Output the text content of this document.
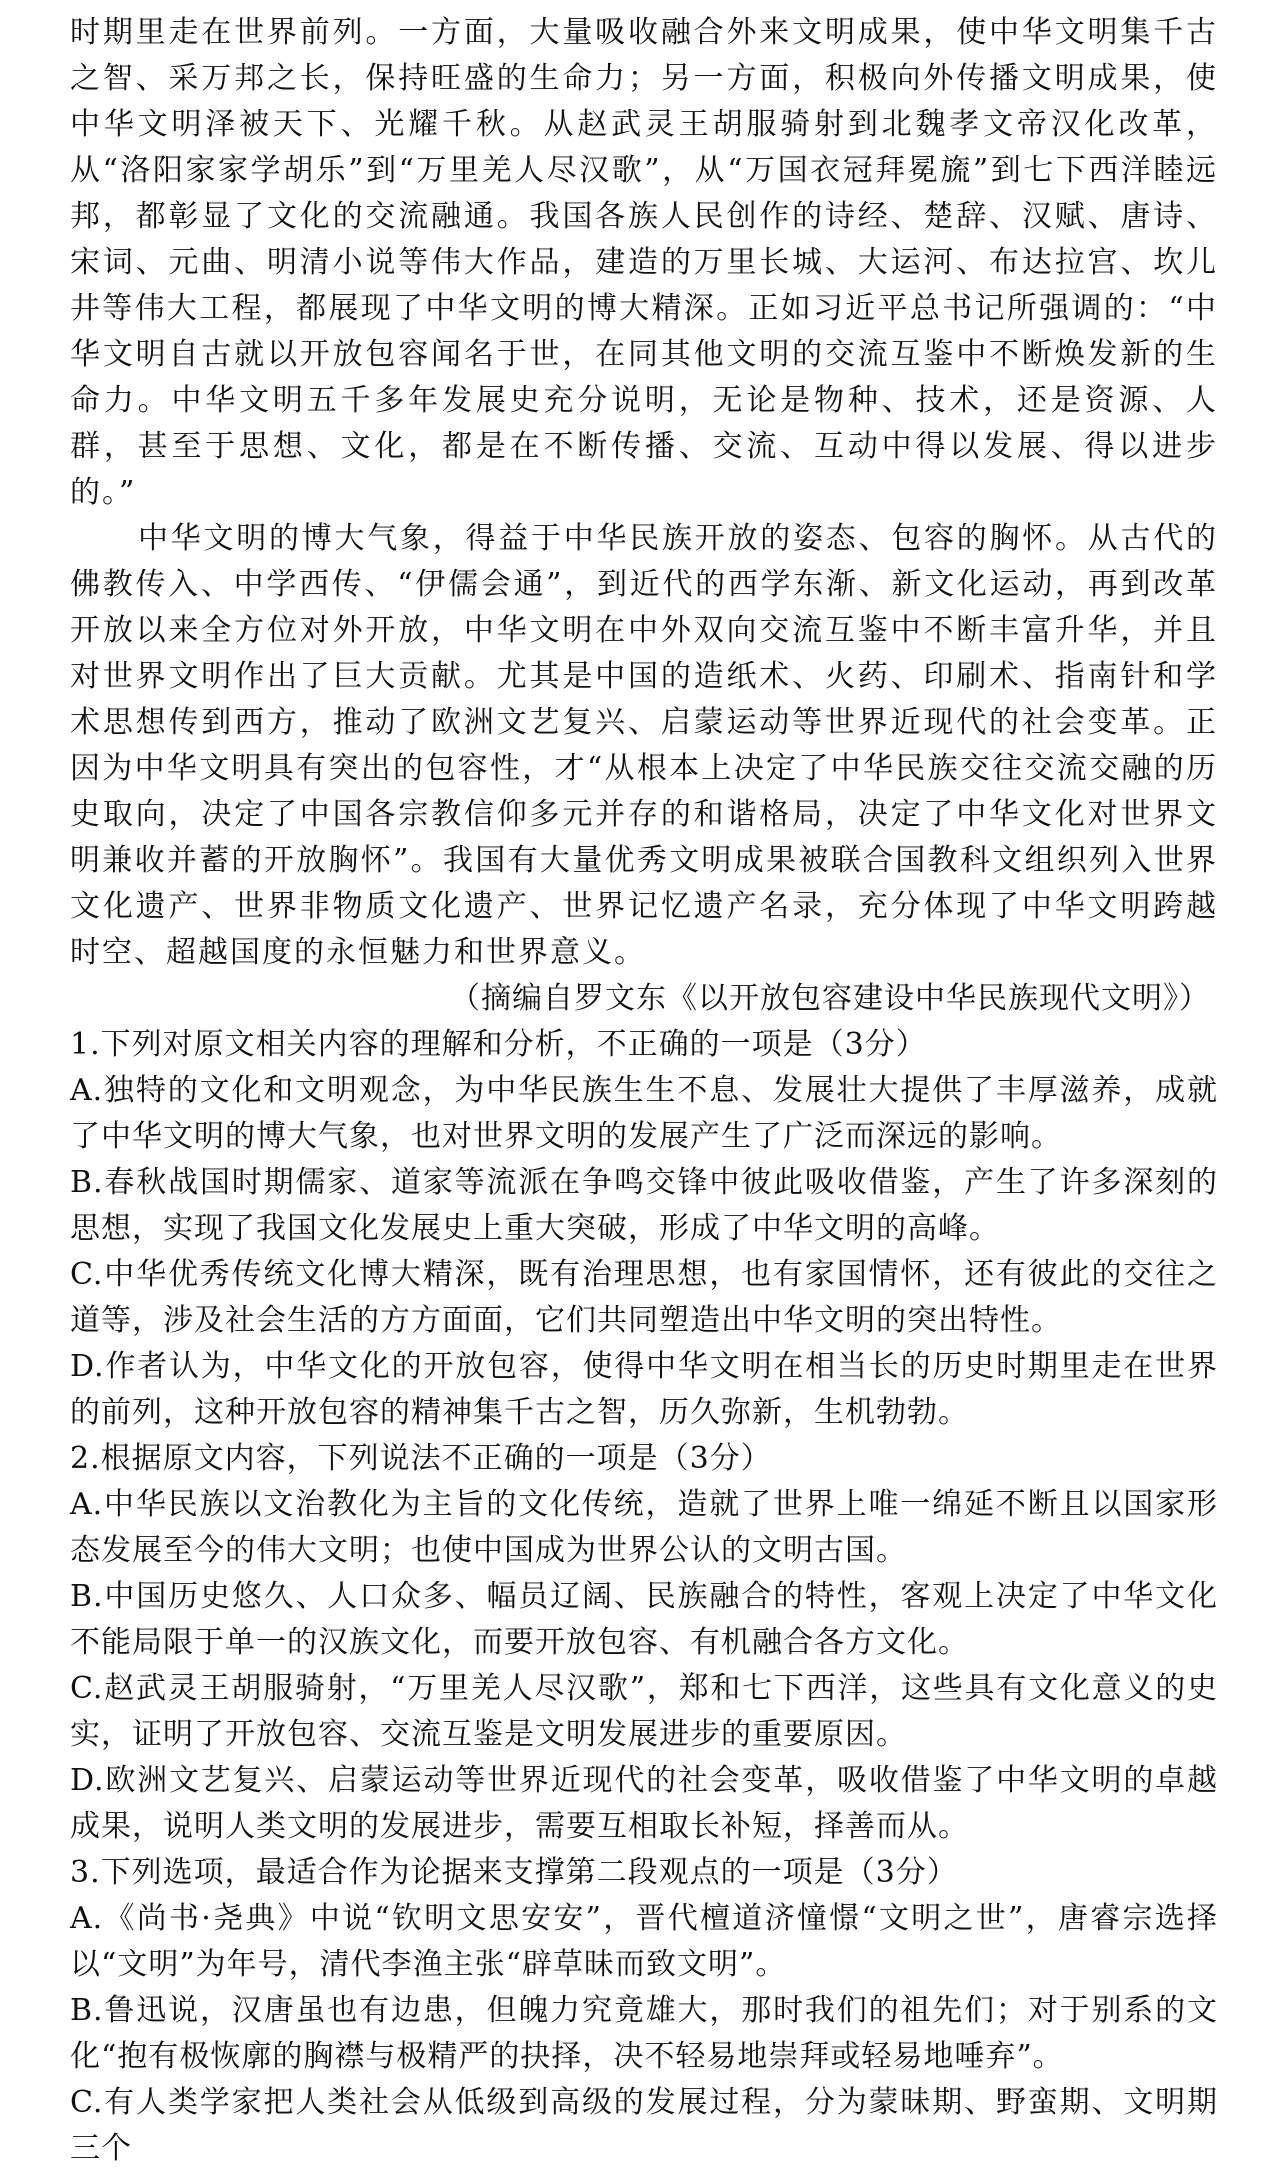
时期里走在世界前列。一方面，大量吸收融合外来文明成果，使中华文明集千古之智、采万邦之长，保持旺盛的生命力；另一方面，积极向外传播文明成果，使中华文明泽被天下、光耀千秋。从赵武灵王胡服骑射到北魏孝文帝汉化改革，从“洛阳家家学胡乐”到“万里羌人尽汉歌”，从“万国衣冠拜冕旒”到七下西洋睦远邦，都彰显了文化的交流融通。我国各族人民创作的诗经、楚辞、汉赋、唐诗、宋词、元曲、明清小说等伟大作品，建造的万里长城、大运河、布达拉宫、坎儿井等伟大工程，都展现了中华文明的博大精深。正如习近平总书记所强调的：“中华文明自古就以开放包容闻名于世，在同其他文明的交流互鉴中不断焕发新的生命力。中华文明五千多年发展史充分说明，无论是物种、技术，还是资源、人群，甚至于思想、文化，都是在不断传播、交流、互动中得以发展、得以进步的。”

中华文明的博大气象，得益于中华民族开放的姿态、包容的胸怀。从古代的佛教传入、中学西传、“伊儒会通”，到近代的西学东渐、新文化运动，再到改革开放以来全方位对外开放，中华文明在中外双向交流互鉴中不断丰富升华，并且对世界文明作出了巨大贡献。尤其是中国的造纸术、火药、印刷术、指南针和学术思想传到西方，推动了欧洲文艺复兴、启蒙运动等世界近现代的社会变革。正因为中华文明具有突出的包容性，才“从根本上决定了中华民族交往交流交融的历史取向，决定了中国各宗教信仰多元并存的和谐格局，决定了中华文化对世界文明兼收并蓄的开放胸怀”。我国有大量优秀文明成果被联合国教科文组织列入世界文化遗产、世界非物质文化遗产、世界记忆遗产名录，充分体现了中华文明跨越时空、超越国度的永恒魅力和世界意义。

（摘编自罗文东《以开放包容建设中华民族现代文明》）

1.下列对原文相关内容的理解和分析，不正确的一项是（3分）

A.独特的文化和文明观念，为中华民族生生不息、发展壮大提供了丰厚滋养，成就了中华文明的博大气象，也对世界文明的发展产生了广泛而深远的影响。

B.春秋战国时期儒家、道家等流派在争鸣交锋中彼此吸收借鉴，产生了许多深刻的思想，实现了我国文化发展史上重大突破，形成了中华文明的高峰。

C.中华优秀传统文化博大精深，既有治理思想，也有家国情怀，还有彼此的交往之道等，涉及社会生活的方方面面，它们共同塑造出中华文明的突出特性。

D.作者认为，中华文化的开放包容，使得中华文明在相当长的历史时期里走在世界的前列，这种开放包容的精神集千古之智，历久弥新，生机勃勃。

2.根据原文内容，下列说法不正确的一项是（3分）

A.中华民族以文治教化为主旨的文化传统，造就了世界上唯一绵延不断且以国家形态发展至今的伟大文明；也使中国成为世界公认的文明古国。

B.中国历史悠久、人口众多、幅员辽阔、民族融合的特性，客观上决定了中华文化不能局限于单一的汉族文化，而要开放包容、有机融合各方文化。

C.赵武灵王胡服骑射，“万里羌人尽汉歌”，郑和七下西洋，这些具有文化意义的史实，证明了开放包容、交流互鉴是文明发展进步的重要原因。

D.欧洲文艺复兴、启蒙运动等世界近现代的社会变革，吸收借鉴了中华文明的卓越成果，说明人类文明的发展进步，需要互相取长补短，择善而从。

3.下列选项，最适合作为论据来支撑第二段观点的一项是（3分）

A.《尚书·尧典》中说“钦明文思安安”，晋代檀道济憧憬“文明之世”，唐睿宗选择以“文明”为年号，清代李渔主张“辟草昧而致文明”。

B.鲁迅说，汉唐虽也有边患，但魄力究竟雄大，那时我们的祖先们；对于别系的文化“抱有极恢廓的胸襟与极精严的抉择，决不轻易地崇拜或轻易地唾弃”。

C.有人类学家把人类社会从低级到高级的发展过程，分为蒙昧期、野蛮期、文明期三个
